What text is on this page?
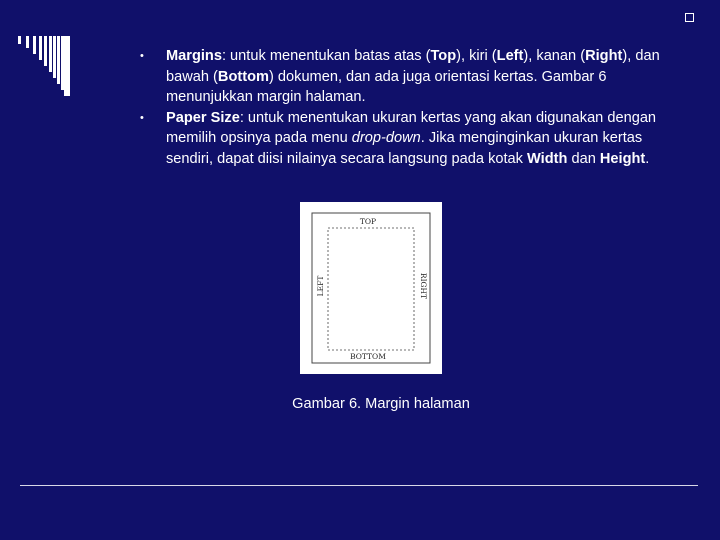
• Margins: untuk menentukan batas atas (Top), kiri (Left), kanan (Right), dan bawah (Bottom) dokumen, dan ada juga orientasi kertas. Gambar 6 menunjukkan margin halaman.

• Paper Size: untuk menentukan ukuran kertas yang akan digunakan dengan memilih opsinya pada menu drop-down. Jika menginginkan ukuran kertas sendiri, dapat diisi nilainya secara langsung pada kotak Width dan Height.

TOP
BOTTOM
LEFT	RIGHT
Gambar 6. Margin halaman
